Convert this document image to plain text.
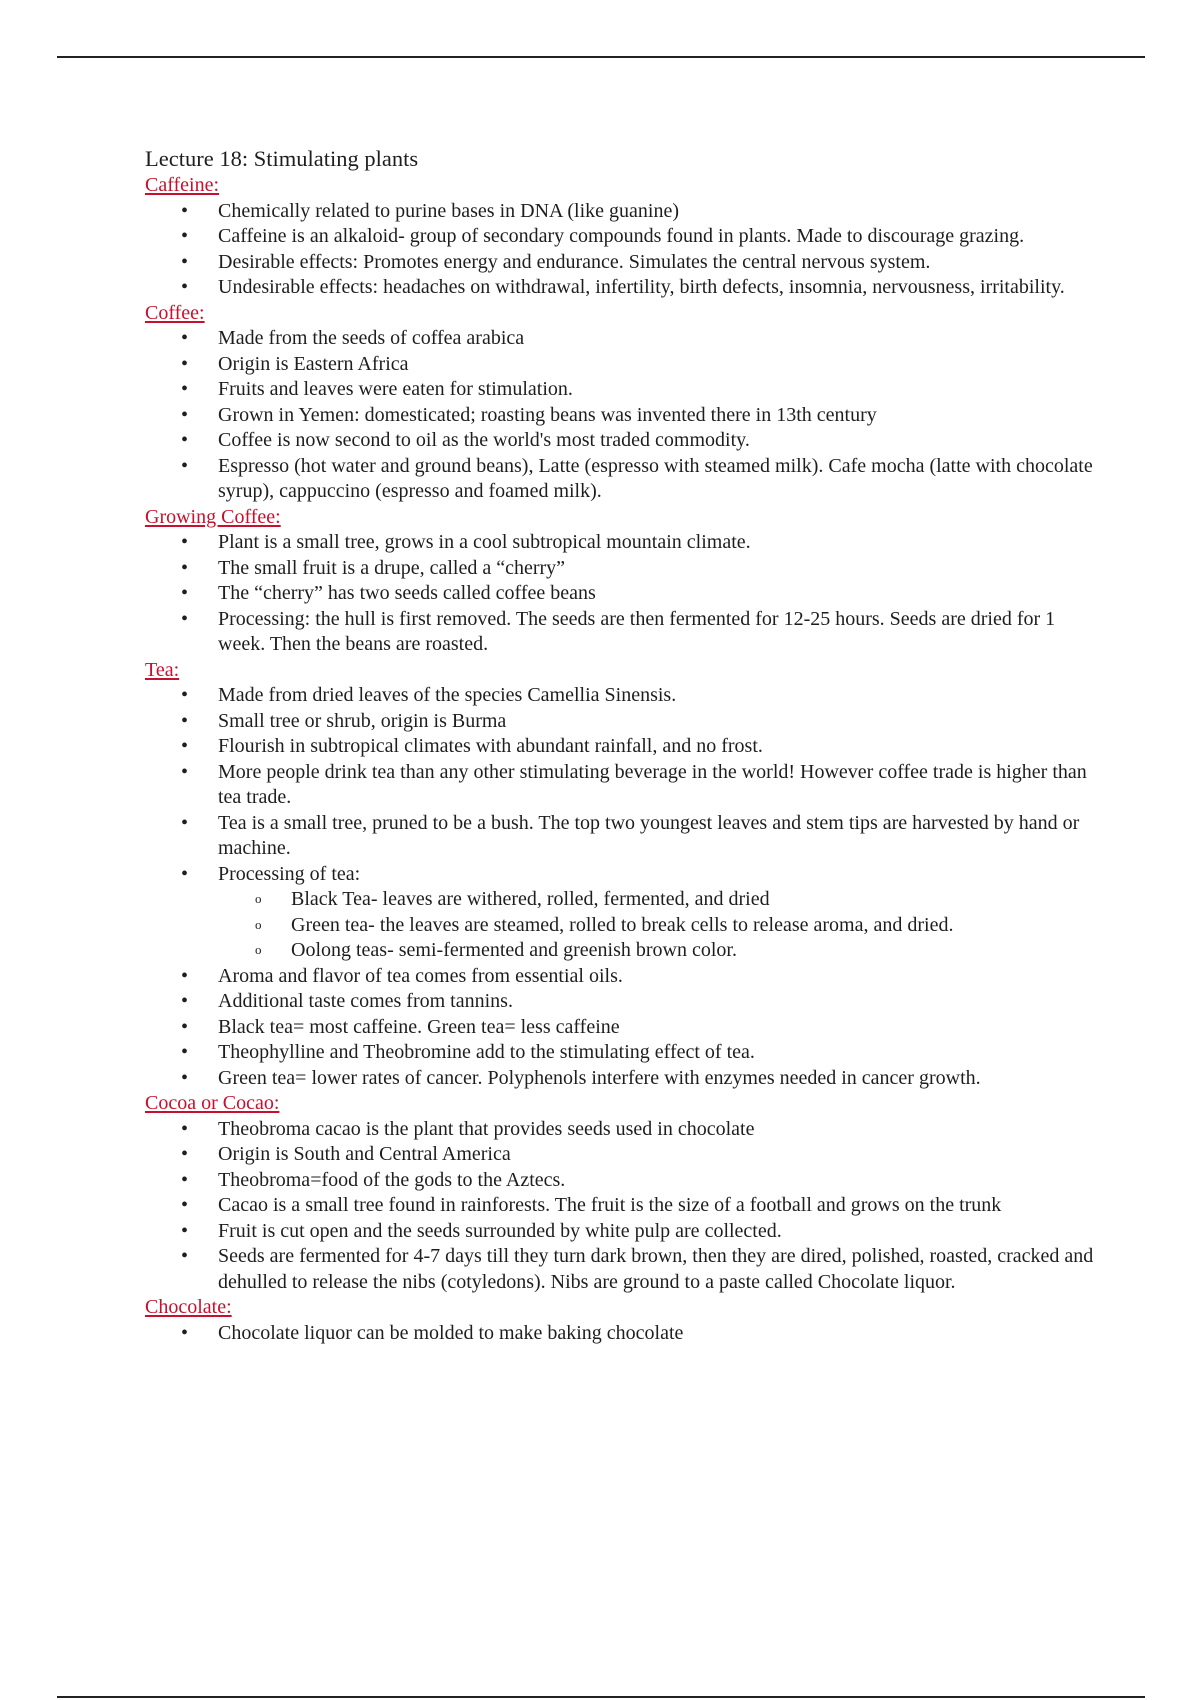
Lecture 18: Stimulating plants

Caffeine:

• Chemically related to purine bases in DNA (like guanine)
• Caffeine is an alkaloid- group of secondary compounds found in plants. Made to discourage grazing.
• Desirable effects: Promotes energy and endurance. Simulates the central nervous system.
• Undesirable effects: headaches on withdrawal, infertility, birth defects, insomnia, nervousness, irritability.

Coffee:

• Made from the seeds of coffea arabica
• Origin is Eastern Africa
• Fruits and leaves were eaten for stimulation.
• Grown in Yemen: domesticated; roasting beans was invented there in 13th century
• Coffee is now second to oil as the world's most traded commodity.
• Espresso (hot water and ground beans), Latte (espresso with steamed milk). Cafe mocha (latte with chocolate syrup), cappuccino (espresso and foamed milk).

Growing Coffee:

• Plant is a small tree, grows in a cool subtropical mountain climate.
• The small fruit is a drupe, called a “cherry”
• The “cherry” has two seeds called coffee beans
• Processing: the hull is first removed. The seeds are then fermented for 12-25 hours. Seeds are dried for 1 week. Then the beans are roasted.

Tea:

• Made from dried leaves of the species Camellia Sinensis.
• Small tree or shrub, origin is Burma
• Flourish in subtropical climates with abundant rainfall, and no frost.
• More people drink tea than any other stimulating beverage in the world! However coffee trade is higher than tea trade.
• Tea is a small tree, pruned to be a bush. The top two youngest leaves and stem tips are harvested by hand or machine.
• Processing of tea:
o Black Tea- leaves are withered, rolled, fermented, and dried
o Green tea- the leaves are steamed, rolled to break cells to release aroma, and dried.
o Oolong teas- semi-fermented and greenish brown color.
• Aroma and flavor of tea comes from essential oils.
• Additional taste comes from tannins.
• Black tea= most caffeine. Green tea= less caffeine
• Theophylline and Theobromine add to the stimulating effect of tea.
• Green tea= lower rates of cancer. Polyphenols interfere with enzymes needed in cancer growth.

Cocoa or Cocao:

• Theobroma cacao is the plant that provides seeds used in chocolate
• Origin is South and Central America
• Theobroma=food of the gods to the Aztecs.
• Cacao is a small tree found in rainforests. The fruit is the size of a football and grows on the trunk
• Fruit is cut open and the seeds surrounded by white pulp are collected.
• Seeds are fermented for 4-7 days till they turn dark brown, then they are dired, polished, roasted, cracked and dehulled to release the nibs (cotyledons). Nibs are ground to a paste called Chocolate liquor.

Chocolate:

• Chocolate liquor can be molded to make baking chocolate
